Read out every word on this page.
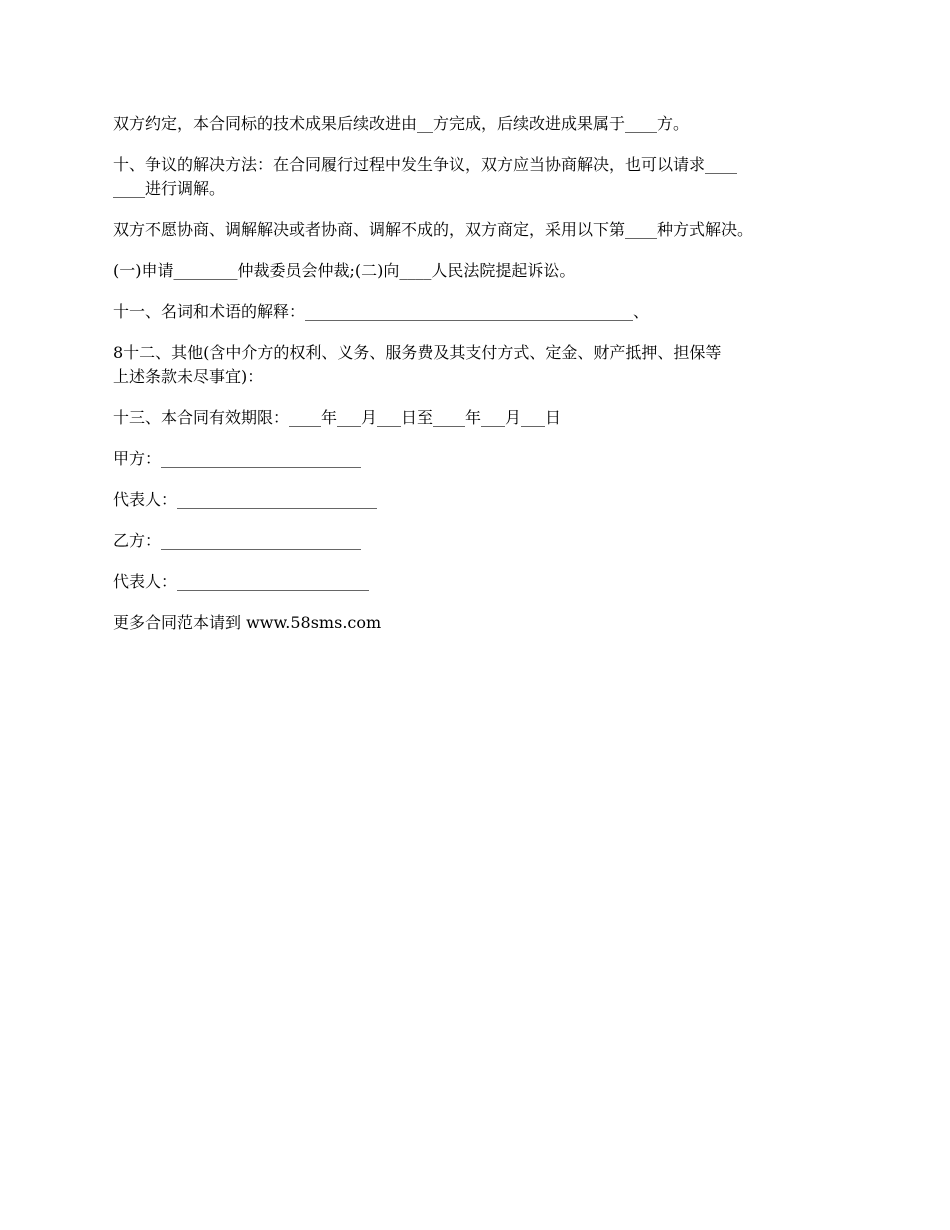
双方约定，本合同标的技术成果后续改进由__方完成，后续改进成果属于____方。

十、争议的解决方法：在合同履行过程中发生争议，双方应当协商解决，也可以请求____
____进行调解。

双方不愿协商、调解解决或者协商、调解不成的，双方商定，采用以下第____种方式解决。

(一)申请________仲裁委员会仲裁;(二)向____人民法院提起诉讼。

十一、名词和术语的解释：_________________________________________、

8十二、其他(含中介方的权利、义务、服务费及其支付方式、定金、财产抵押、担保等
上述条款未尽事宜)：

十三、本合同有效期限：____年___月___日至____年___月___日

甲方：_________________________

代表人：_________________________

乙方：_________________________

代表人：________________________

更多合同范本请到 www.58sms.com
